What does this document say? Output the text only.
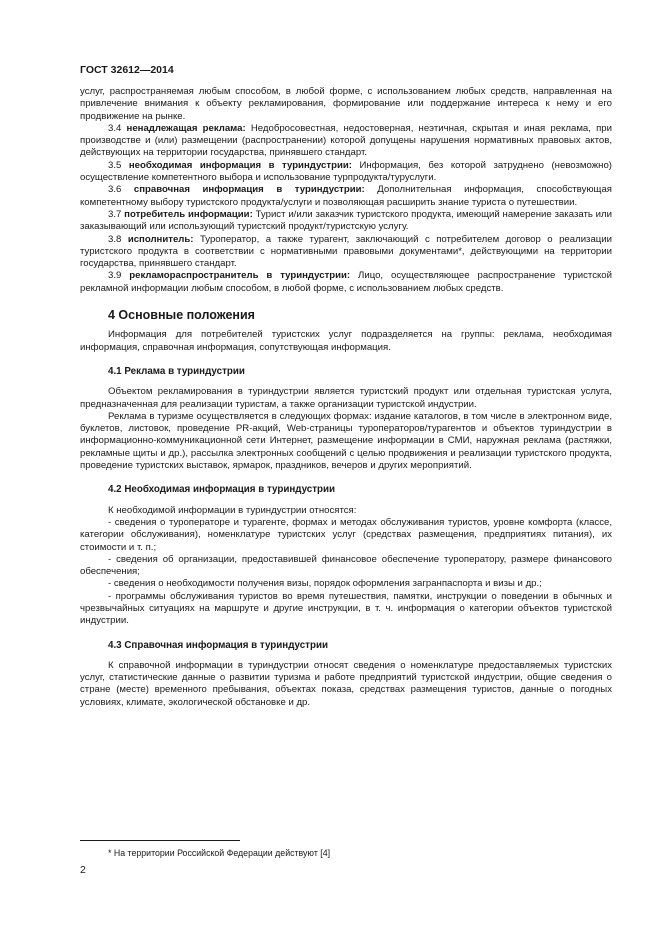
ГОСТ 32612—2014

услуг, распространяемая любым способом, в любой форме, с использованием любых средств, направленная на привлечение внимания к объекту рекламирования, формирование или поддержание интереса к нему и его продвижение на рынке.

3.4 ненадлежащая реклама: Недобросовестная, недостоверная, неэтичная, скрытая и иная реклама, при производстве и (или) размещении (распространении) которой допущены нарушения нормативных правовых актов, действующих на территории государства, принявшего стандарт.

3.5 необходимая информация в туриндустрии: Информация, без которой затруднено (невозможно) осуществление компетентного выбора и использование турпродукта/туруслуги.

3.6 справочная информация в туриндустрии: Дополнительная информация, способствующая компетентному выбору туристского продукта/услуги и позволяющая расширить знание туриста о путешествии.

3.7 потребитель информации: Турист и/или заказчик туристского продукта, имеющий намерение заказать или заказывающий или использующий туристский продукт/туристскую услугу.

3.8 исполнитель: Туроператор, а также турагент, заключающий с потребителем договор о реализации туристского продукта в соответствии с нормативными правовыми документами*, действующими на территории государства, принявшего стандарт.

3.9 рекламораспространитель в туриндустрии: Лицо, осуществляющее распространение туристской рекламной информации любым способом, в любой форме, с использованием любых средств.

4 Основные положения

Информация для потребителей туристских услуг подразделяется на группы: реклама, необходимая информация, справочная информация, сопутствующая информация.

4.1 Реклама в туриндустрии

Объектом рекламирования в туриндустрии является туристский продукт или отдельная туристская услуга, предназначенная для реализации туристам, а также организации туристской индустрии.

Реклама в туризме осуществляется в следующих формах: издание каталогов, в том числе в электронном виде, буклетов, листовок, проведение PR-акций, Web-страницы туроператоров/турагентов и объектов туриндустрии в информационно-коммуникационной сети Интернет, размещение информации в СМИ, наружная реклама (растяжки, рекламные щиты и др.), рассылка электронных сообщений с целью продвижения и реализации туристского продукта, проведение туристских выставок, ярмарок, праздников, вечеров и других мероприятий.

4.2 Необходимая информация в туриндустрии

К необходимой информации в туриндустрии относятся:

- сведения о туроператоре и турагенте, формах и методах обслуживания туристов, уровне комфорта (классе, категории обслуживания), номенклатуре туристских услуг (средствах размещения, предприятиях питания), их стоимости и т. п.;

- сведения об организации, предоставившей финансовое обеспечение туроператору, размере финансового обеспечения;

- сведения о необходимости получения визы, порядок оформления загранпаспорта и визы и др.;

- программы обслуживания туристов во время путешествия, памятки, инструкции о поведении в обычных и чрезвычайных ситуациях на маршруте и другие инструкции, в т. ч. информация о категории объектов туристской индустрии.

4.3 Справочная информация в туриндустрии

К справочной информации в туриндустрии относят сведения о номенклатуре предоставляемых туристских услуг, статистические данные о развитии туризма и работе предприятий туристской индустрии, общие сведения о стране (месте) временного пребывания, объектах показа, средствах размещения туристов, данные о погодных условиях, климате, экологической обстановке и др.

* На территории Российской Федерации действуют [4]
2
